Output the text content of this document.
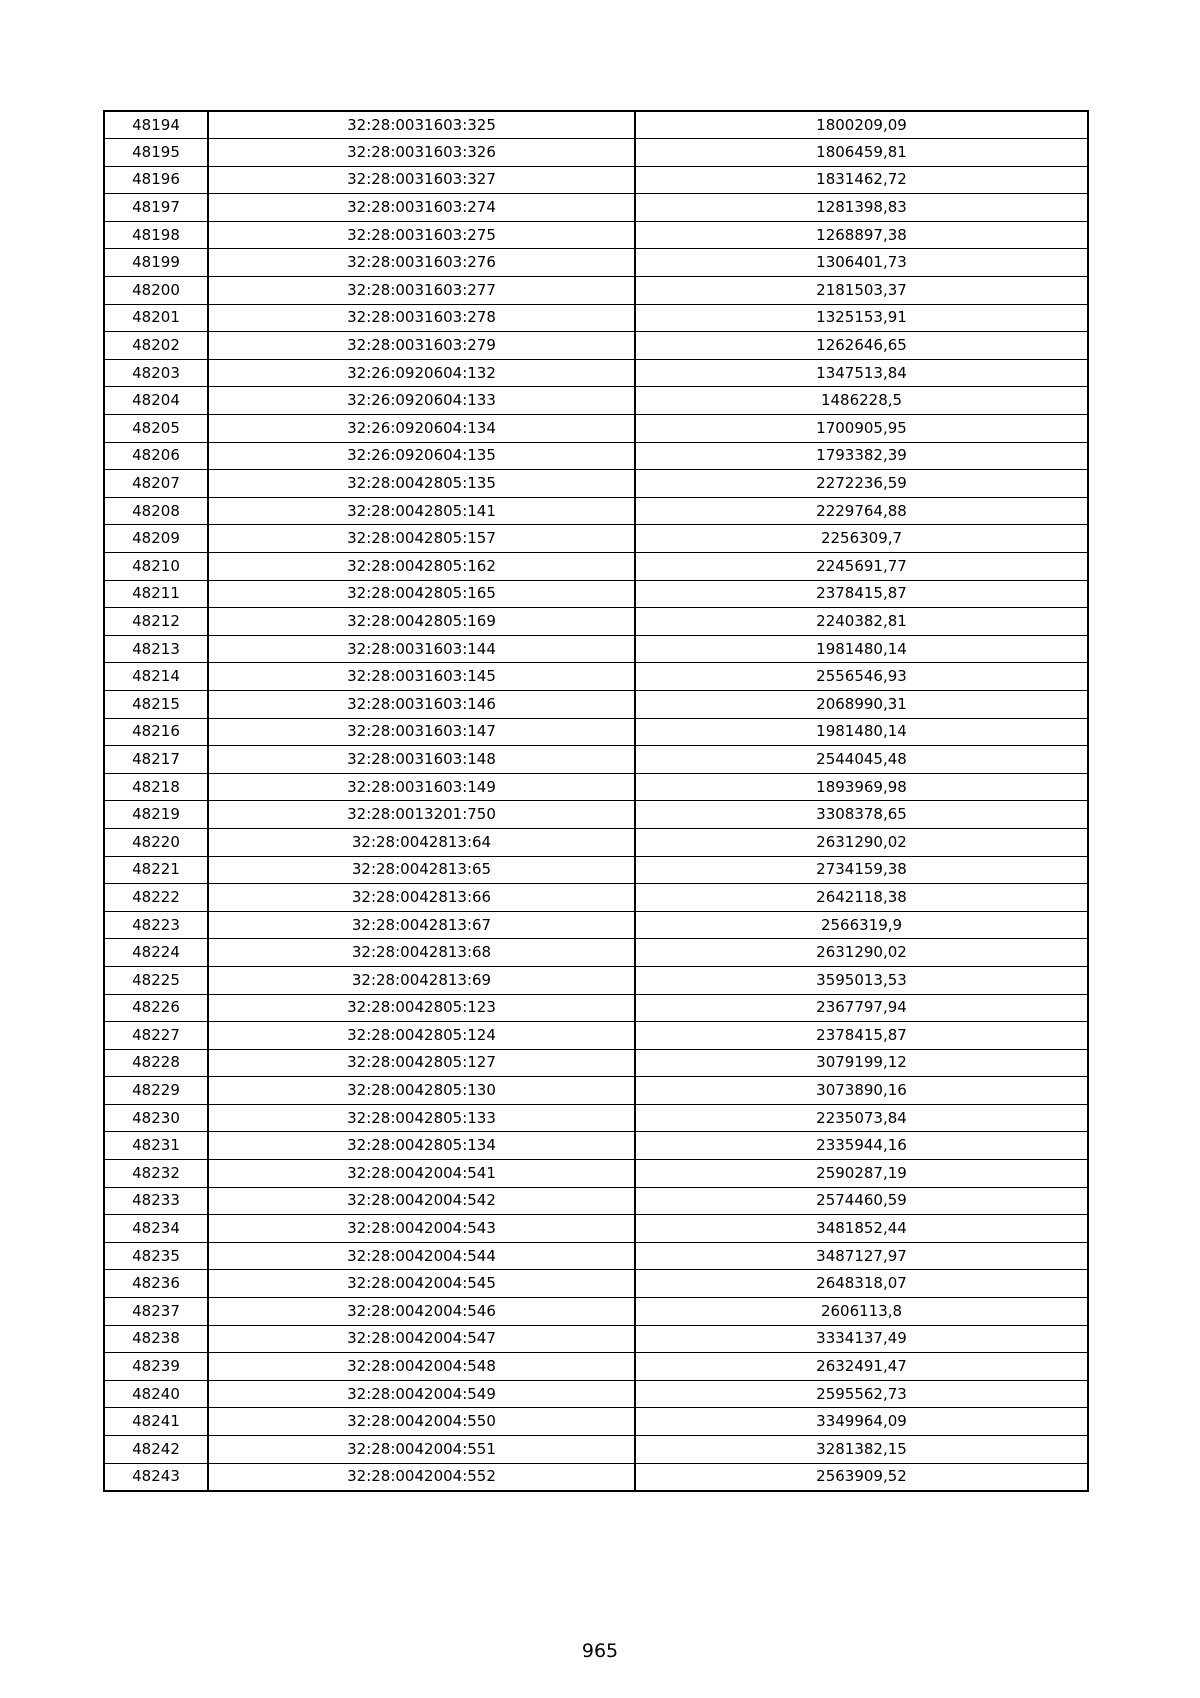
48194	32:28:0031603:325	1800209,09
48195	32:28:0031603:326	1806459,81
48196	32:28:0031603:327	1831462,72
48197	32:28:0031603:274	1281398,83
48198	32:28:0031603:275	1268897,38
48199	32:28:0031603:276	1306401,73
48200	32:28:0031603:277	2181503,37
48201	32:28:0031603:278	1325153,91
48202	32:28:0031603:279	1262646,65
48203	32:26:0920604:132	1347513,84
48204	32:26:0920604:133	1486228,5
48205	32:26:0920604:134	1700905,95
48206	32:26:0920604:135	1793382,39
48207	32:28:0042805:135	2272236,59
48208	32:28:0042805:141	2229764,88
48209	32:28:0042805:157	2256309,7
48210	32:28:0042805:162	2245691,77
48211	32:28:0042805:165	2378415,87
48212	32:28:0042805:169	2240382,81
48213	32:28:0031603:144	1981480,14
48214	32:28:0031603:145	2556546,93
48215	32:28:0031603:146	2068990,31
48216	32:28:0031603:147	1981480,14
48217	32:28:0031603:148	2544045,48
48218	32:28:0031603:149	1893969,98
48219	32:28:0013201:750	3308378,65
48220	32:28:0042813:64	2631290,02
48221	32:28:0042813:65	2734159,38
48222	32:28:0042813:66	2642118,38
48223	32:28:0042813:67	2566319,9
48224	32:28:0042813:68	2631290,02
48225	32:28:0042813:69	3595013,53
48226	32:28:0042805:123	2367797,94
48227	32:28:0042805:124	2378415,87
48228	32:28:0042805:127	3079199,12
48229	32:28:0042805:130	3073890,16
48230	32:28:0042805:133	2235073,84
48231	32:28:0042805:134	2335944,16
48232	32:28:0042004:541	2590287,19
48233	32:28:0042004:542	2574460,59
48234	32:28:0042004:543	3481852,44
48235	32:28:0042004:544	3487127,97
48236	32:28:0042004:545	2648318,07
48237	32:28:0042004:546	2606113,8
48238	32:28:0042004:547	3334137,49
48239	32:28:0042004:548	2632491,47
48240	32:28:0042004:549	2595562,73
48241	32:28:0042004:550	3349964,09
48242	32:28:0042004:551	3281382,15
48243	32:28:0042004:552	2563909,52
965
